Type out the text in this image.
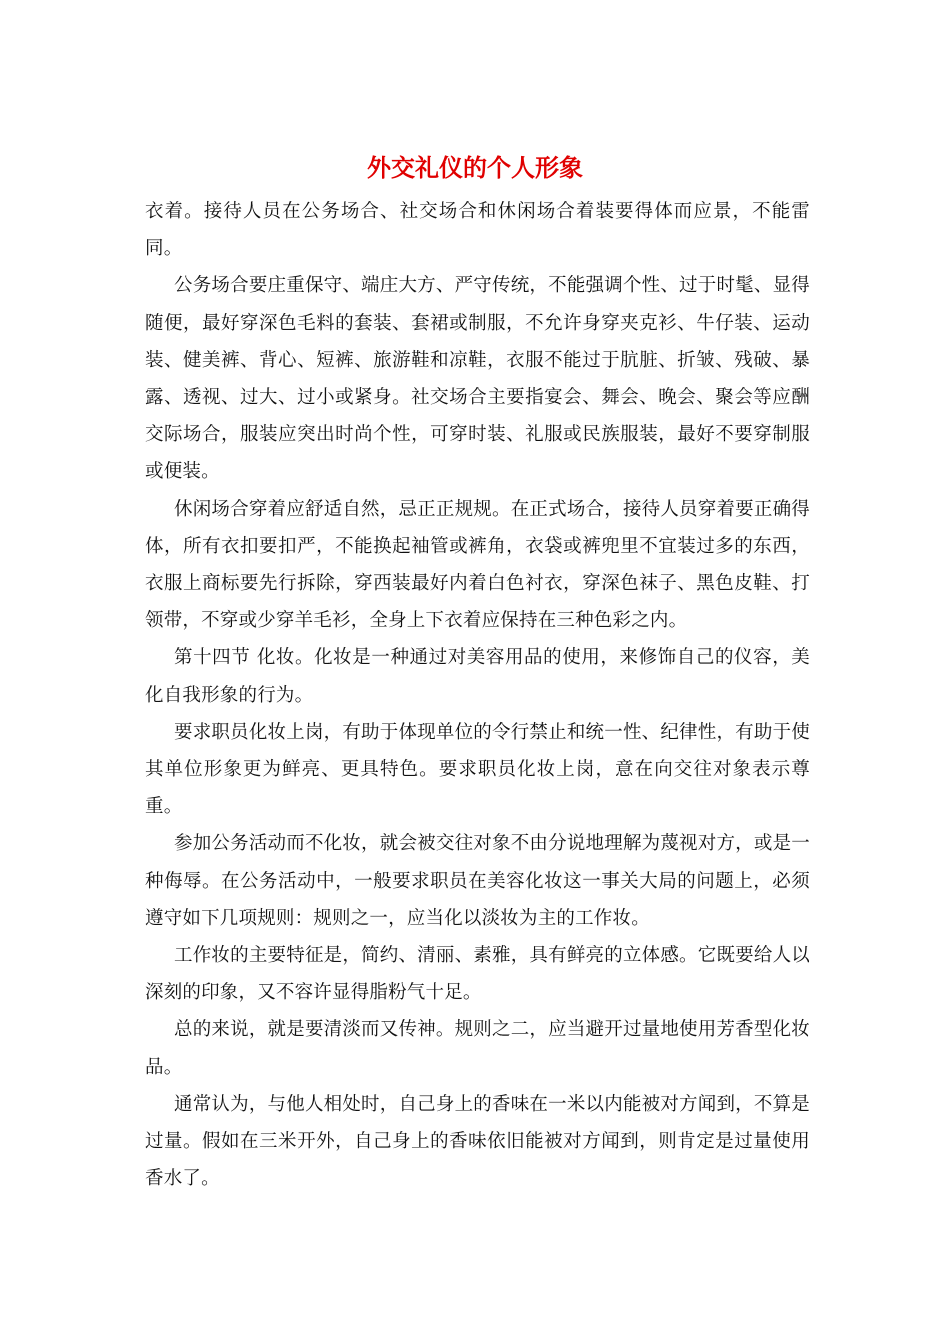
外交礼仪的个人形象

衣着。接待人员在公务场合、社交场合和休闲场合着装要得体而应景，不能雷同。

公务场合要庄重保守、端庄大方、严守传统，不能强调个性、过于时髦、显得随便，最好穿深色毛料的套装、套裙或制服，不允许身穿夹克衫、牛仔装、运动装、健美裤、背心、短裤、旅游鞋和凉鞋，衣服不能过于肮脏、折皱、残破、暴露、透视、过大、过小或紧身。社交场合主要指宴会、舞会、晚会、聚会等应酬交际场合，服装应突出时尚个性，可穿时装、礼服或民族服装，最好不要穿制服或便装。

休闲场合穿着应舒适自然，忌正正规规。在正式场合，接待人员穿着要正确得体，所有衣扣要扣严，不能换起袖管或裤角，衣袋或裤兜里不宜装过多的东西，衣服上商标要先行拆除，穿西装最好内着白色衬衣，穿深色袜子、黑色皮鞋、打领带，不穿或少穿羊毛衫，全身上下衣着应保持在三种色彩之内。

第十四节 化妆。化妆是一种通过对美容用品的使用，来修饰自己的仪容，美化自我形象的行为。

要求职员化妆上岗，有助于体现单位的令行禁止和统一性、纪律性，有助于使其单位形象更为鲜亮、更具特色。要求职员化妆上岗，意在向交往对象表示尊重。

参加公务活动而不化妆，就会被交往对象不由分说地理解为蔑视对方，或是一种侮辱。在公务活动中，一般要求职员在美容化妆这一事关大局的问题上，必须遵守如下几项规则：规则之一，应当化以淡妆为主的工作妆。

工作妆的主要特征是，简约、清丽、素雅，具有鲜亮的立体感。它既要给人以深刻的印象，又不容许显得脂粉气十足。

总的来说，就是要清淡而又传神。规则之二，应当避开过量地使用芳香型化妆品。

通常认为，与他人相处时，自己身上的香味在一米以内能被对方闻到，不算是过量。假如在三米开外，自己身上的香味依旧能被对方闻到，则肯定是过量使用香水了。
